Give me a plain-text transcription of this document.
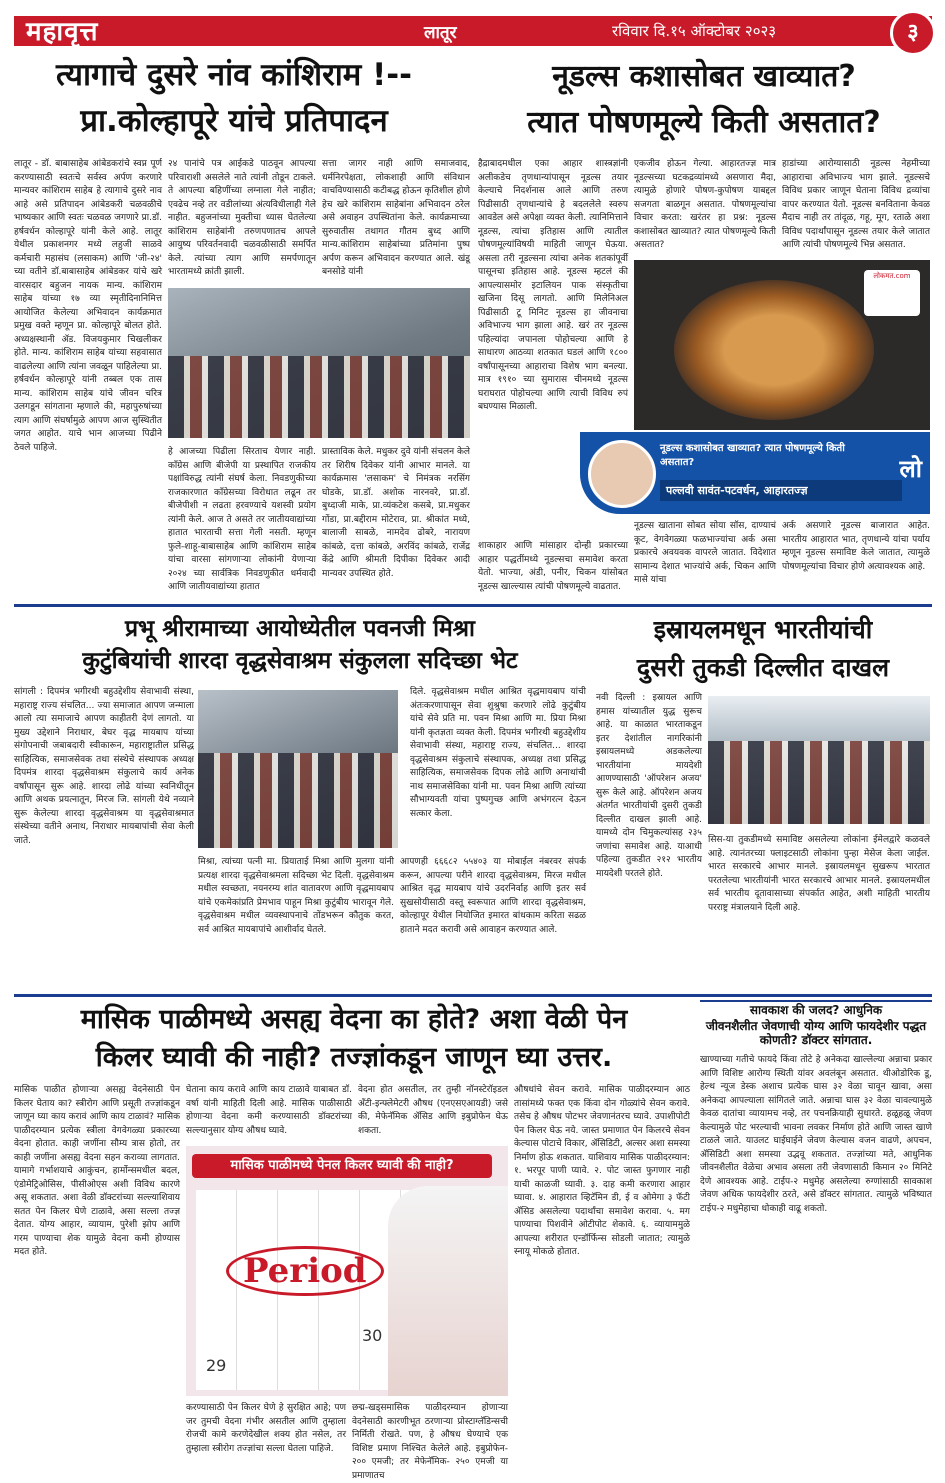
महावृत्त	लातूर	रविवार दि.१५ ऑक्टोबर २०२३	३
त्यागाचे दुसरे नांव कांशिराम !--
प्रा.कोल्हापूरे यांचे प्रतिपादन
लातूर - डॉ. बाबासाहेब आंबेडकरांचे स्वप्न पूर्ण करण्यासाठी स्वतःचे सर्वस्व अर्पण करणारे मान्यवर कांशिराम साहेब हे त्यागाचे दुसरे नाव आहे असे प्रतिपादन आंबेडकरी चळवळीचे भाष्यकार आणि स्वतः चळवळ जगणारे प्रा.डॉ. हर्षवर्धन कोल्हापूरे यांनी केले आहे. लातूर येथील प्रकाशनगर मध्ये लहुजी साळवे कर्मचारी महासंघ (लसाकम) आणि 'जी-२४' च्या वतीने डॉ.बाबासाहेब आंबेडकर यांचे खरे वारसदार बहुजन नायक मान्य. कांशिराम साहेब यांच्या १७ व्या स्मृतीदिनानिमित्त आयोजित केलेल्या अभिवादन कार्यक्रमात प्रमुख वक्ते म्हणून प्रा. कोल्हापूरे बोलत होते. अध्यक्षस्थानी ॲड. विजयकुमार चिखलीकर होते. मान्य. कांशिराम साहेब यांच्या सहवासात वाढलेल्या आणि त्यांना जवळून पाहिलेल्या प्रा. हर्षवर्धन कोल्हापूरे यांनी तब्बल एक तास मान्य. कांशिराम साहेब यांचे जीवन चरित्र उलगडून सांगताना म्हणाले की, महापुरुषांच्या त्याग आणि संघर्षामुळे आपण आज सुस्थितीत जगत आहोत. याचे भान आजच्या पिढीने ठेवले पाहिजे.
२४ पानांचे पत्र आईकडे पाठवून आपल्या परिवाराशी असलेले नाते त्यांनी तोडून टाकले. ते आपल्या बहिणींच्या लग्नाला गेले नाहीत; एवढेच नव्हे तर वडीलांच्या अंत्यविधीलाही गेले नाहीत. बहुजनांच्या मुक्तीचा ध्यास घेतलेल्या कांशिराम साहेबांनी तरुणपणातच आपले आयुष्य परिवर्तनवादी चळवळीसाठी समर्पित केले. त्यांच्या त्याग आणि समर्पणातून भारतामध्ये क्रांती झाली.
सत्ता जागर नाही आणि समाजवाद, धर्मनिरपेक्षता, लोकशाही आणि संविधान वाचविण्यासाठी कटीबद्ध होऊन कृतिशील होणे हेच खरे कांशिराम साहेबांना अभिवादन ठरेल असे अवाहन उपस्थितांना केले. कार्यक्रमाच्या सुरुवातीस तथागत गौतम बुध्द आणि मान्य.कांशिराम साहेबांच्या प्रतिमांना पुष्प अर्पण करून अभिवादन करण्यात आले. खंडू बनसोडे यांनी
हे आजच्या पिढीला सिरताच येणार नाही. काँग्रेस आणि बीजेपी या प्रस्थापित राजकीय पक्षांविरुद्ध त्यांनी संघर्ष केला. निवडणुकीच्या राजकारणात काँग्रेसच्या विरोधात लढून तर बीजेपीशी न लढता हरवण्याचे यशस्वी प्रयोग त्यांनी केले. आज ते असते तर जातीयवाद्यांच्या हातात भारताची सत्ता गेली नसती. म्हणून फुले-शाहू-बाबासाहेब आणि कांशिराम साहेब यांचा वारसा सांगणाऱ्या लोकांनी येणाऱ्या २०२४ च्या सार्वत्रिक निवडणुकीत धर्मवादी आणि जातीयवाद्यांच्या हातात
प्रास्ताविक केले. मधुकर दुवे यांनी संचलन केले तर शिरीष दिवेकर यांनी आभार मानले. या कार्यक्रमास 'लसाकम' चे निमंत्रक नरसिंग घोडके, प्रा.डॉ. अशोक नारनवरे, प्रा.डॉ. बुध्दाजी माके, प्रा.व्यंकटेश कसबे, प्रा.मधुकर गोंडा, प्रा.बद्दीराम मोटेराव, प्रा. श्रीकांत मध्ये, बालाजी साबळे, नामदेव ढोबरे, नारायण कांबळे, दत्ता कांबळे, अरविंद कांबळे, राजेंद्र केंद्रे आणि श्रीमती दिपीका दिवेकर आदी मान्यवर उपस्थित होते.
नूडल्स कशासोबत खाव्यात?
त्यात पोषणमूल्ये किती असतात?
हैद्राबादमधील एका आहार शास्त्रज्ञांनी अलीकडेच तृणधान्यांपासून नूडल्स तयार केल्याचे निदर्शनास आले आणि तरुण पिढीसाठी तृणधान्यांचे हे बदललेले स्वरुप आवडेल असे अपेक्षा व्यक्त केली. त्यानिमित्ताने नूडल्स, त्यांचा इतिहास आणि त्यातील पोषणमूल्यांविषयी माहिती जाणून घेऊया. असला तरी नूडल्सना त्यांचा अनेक शतकांपूर्वी पासूनचा इतिहास आहे. नूडल्स म्हटलं की आपल्यासमोर इटालियन पाक संस्कृतीचा खजिना दिसू लागतो. आणि मिलेनिअल पिढीसाठी टू मिनिट नूडल्स हा जीवनाचा अविभाज्य भाग झाला आहे. खरं तर नूडल्स पहिल्यांदा जपानला पोहोचल्या आणि हे साधारण आठव्या शतकात घडलं आणि १८०० वर्षांपासूनच्या आहाराचा विशेष भाग बनल्या. मात्र १९१० च्या सुमारास चीनमध्ये नूडल्स घराघरात पोहोचल्या आणि त्याची विविध रुपं बघण्यास मिळाली.
एकजीव होऊन गेल्या. आहारतज्ज्ञ मात्र नूडल्सच्या घटकद्रव्यांमध्ये असणारा मैदा, त्यामुळे होणारे पोषण-कुपोषण याबद्दल सजगता बाळगून असतात. पोषणमूल्यांचा विचार करता: खरंतर हा प्रश्न: नूडल्स कशासोबत खाव्यात? त्यात पोषणमूल्ये किती असतात?
हाडांच्या आरोग्यासाठी नूडल्स नेहमीच्या आहाराचा अविभाज्य भाग झाले. नूडल्सचे विविध प्रकार जाणून घेताना विविध द्रव्यांचा वापर करण्यात येतो. नूडल्स बनविताना केवळ मैदाच नाही तर तांदूळ, गहू, मूग, रताळे अशा विविध पदार्थांपासून नूडल्स तयार केले जातात आणि त्यांची पोषणमूल्ये भिन्न असतात.
लोकमत.com
नूडल्स कशासोबत खाव्यात? त्यात पोषणमूल्ये किती असतात?
पल्लवी सावंत-पटवर्धन, आहारतज्ज्ञ
लो
शाकाहार आणि मांसाहार दोन्ही प्रकारच्या आहार पद्धतींमध्ये नूडल्सचा समावेश करता येतो. भाज्या, अंडी, पनीर, चिकन यांसोबत नूडल्स खाल्ल्यास त्यांची पोषणमूल्ये वाढतात.
नूडल्स खाताना सोबत सोया सॉस, दाण्याचं कूट, वेगवेगळ्या फळभाज्यांचा अर्क असा प्रकारचे अवयवक वापरले जातात. विदेशात सामान्य देशात भाज्यांचे अर्क, चिकन आणि मासे यांचा
अर्क असणारे नूडल्स बाजारात आहेत. भारतीय आहारात भात, तृणधान्ये यांचा पर्याय म्हणून नूडल्स समाविष्ट केले जातात, त्यामुळे पोषणमूल्यांचा विचार होणे अत्यावश्यक आहे.
प्रभू श्रीरामाच्या आयोध्येतील पवनजी मिश्रा
कुटुंबियांची शारदा वृद्धसेवाश्रम संकुलला सदिच्छा भेट
सांगली : दिपमंत्र भगीरथी बहुउद्देशीय सेवाभावी संस्था, महाराष्ट्र राज्य संचलित... ज्या समाजात आपण जन्माला आलो त्या समाजाचे आपण काहीतरी देणं लागतो. या मुख्य उद्देशाने निराधार, बेघर वृद्ध मायबाप यांच्या संगोपनाची जबाबदारी स्वीकारून, महाराष्ट्रातील प्रसिद्ध साहित्यिक, समाजसेवक तथा संस्थेचे संस्थापक अध्यक्ष दिपमंत्र शारदा वृद्धसेवाश्रम संकुलाचे कार्य अनेक वर्षांपासून सुरू आहे. शारदा लोढे यांच्या स्वनिधीतून आणि अथक प्रयत्नातून, मिरज जि. सांगली येथे नव्याने सुरू केलेल्या शारदा वृद्धसेवाश्रम या वृद्धसेवाश्रमात संस्थेच्या वतीने अनाथ, निराधार मायबापांची सेवा केली जाते.
दिले. वृद्धसेवाश्रम मधील आश्रित वृद्धमायबाप यांची अंतःकरणापासून सेवा शुश्रुषा करणारे लोढे कुटुंबीय यांचे सेवे प्रति मा. पवन मिश्रा आणि मा. प्रिया मिश्रा यांनी कृतज्ञता व्यक्त केली. दिपमंत्र भगीरथी बहुउद्देशीय सेवाभावी संस्था, महाराष्ट्र राज्य, संचलित... शारदा वृद्धसेवाश्रम संकुलाचे संस्थापक, अध्यक्ष तथा प्रसिद्ध साहित्यिक, समाजसेवक दिपक लोढे आणि अनाथांची नाथ समाजसेविका यांनी मा. पवन मिश्रा आणि त्यांच्या सौभाग्यवती यांचा पुष्पगुच्छ आणि अभंगरत्न देऊन सत्कार केला.
मिश्रा, त्यांच्या पत्नी मा. प्रियाताई मिश्रा आणि मुलगा यांनी प्रत्यक्ष शारदा वृद्धसेवाश्रमला सदिच्छा भेट दिली. वृद्धसेवाश्रम मधील स्वच्छता, नयनरम्य शांत वातावरण आणि वृद्धमायबाप यांचे एकमेकांप्रति प्रेमभाव पाहून मिश्रा कुटुंबीय भारावून गेले. वृद्धसेवाश्रम मधील व्यवस्थापनाचे तोंडभरून कौतुक करत, सर्व आश्रित मायबापांचे आशीर्वाद घेतले.
आपणही ६६६८२ ५५४०३ या मोबाईल नंबरवर संपर्क करून, आपल्या परीने शारदा वृद्धसेवाश्रम, मिरज मधील आश्रित वृद्ध मायबाप यांचे उदरनिर्वाह आणि इतर सर्व सुखसोयीसाठी वस्तू स्वरूपात आणि शारदा वृद्धसेवाश्रम, कोल्हापूर येथील नियोजित इमारत बांधकाम करिता सढळ हाताने मदत करावी असे आवाहन करण्यात आले.
इस्रायलमधून भारतीयांची
दुसरी तुकडी दिल्लीत दाखल
नवी दिल्ली : इस्रायल आणि हमास यांच्यातील युद्ध सुरूच आहे. या काळात भारताकडून इतर देशांतील नागरिकांनी इस्रायलमध्ये अडकलेल्या भारतीयांना मायदेशी आणण्यासाठी 'ऑपरेशन अजय' सुरू केले आहे. ऑपरेशन अजय अंतर्गत भारतीयांची दुसरी तुकडी दिल्लीत दाखल झाली आहे. यामध्ये दोन चिमुकल्यांसह २३५ जणांचा समावेश आहे. याआधी पहिल्या तुकडीत २१२ भारतीय मायदेशी परतले होते.
सिस-या तुकडीमध्ये समाविष्ट असलेल्या लोकांना ईमेलद्वारे कळवले आहे. त्यानंतरच्या फ्लाइटसाठी लोकांना पुन्हा मेसेज केला जाईल. भारत सरकारचे आभार मानले. इस्रायलमधून सुखरूप भारतात परतलेल्या भारतीयांनी भारत सरकारचे आभार मानले. इस्रायलमधील सर्व भारतीय दूतावासाच्या संपर्कात आहेत, अशी माहिती भारतीय परराष्ट्र मंत्रालयाने दिली आहे.
मासिक पाळीमध्ये असह्य वेदना का होते? अशा वेळी पेन
किलर घ्यावी की नाही? तज्ज्ञांकडून जाणून घ्या उत्तर.
मासिक पाळीत होणाऱ्या असह्य वेदनेसाठी पेन किलर घेताय का? स्त्रीरोग आणि प्रसूती तज्ज्ञांकडून जाणून घ्या काय करावं आणि काय टाळावं? मासिक पाळीदरम्यान प्रत्येक स्त्रीला वेगवेगळ्या प्रकारच्या वेदना होतात. काही जणींना सौम्य त्रास होतो, तर काही जणींना असह्य वेदना सहन कराव्या लागतात. यामागे गर्भाशयाचे आकुंचन, हार्मोन्समधील बदल, एंडोमेट्रिओसिस, पीसीओएस अशी विविध कारणे असू शकतात. अशा वेळी डॉक्टरांच्या सल्ल्याशिवाय सतत पेन किलर घेणे टाळावे, असा सल्ला तज्ज्ञ देतात. योग्य आहार, व्यायाम, पुरेशी झोप आणि गरम पाण्याचा शेक यामुळे वेदना कमी होण्यास मदत होते.
घेताना काय करावे आणि काय टाळावे याबाबत डॉ. वर्षा यांनी माहिती दिली आहे. मासिक पाळीसाठी होणाऱ्या वेदना कमी करण्यासाठी डॉक्टरांच्या सल्ल्यानुसार योग्य औषध घ्यावे.
वेदना होत असतील, तर तुम्ही नॉनस्टेरॉइडल अँटी-इन्फ्लेमेटरी औषध (एनएसएआयडी) जसे की, मेफेनॅमिक ॲसिड आणि इबुप्रोफेन घेऊ शकता.
औषधांचे सेवन करावे. मासिक पाळीदरम्यान आठ तासांमध्ये फक्त एक किंवा दोन गोळ्यांचे सेवन करावे. तसेच हे औषध पोटभर जेवणानंतरच घ्यावे. उपाशीपोटी पेन किलर घेऊ नये. जास्त प्रमाणात पेन किलरचे सेवन केल्यास पोटाचे विकार, ॲसिडिटी, अल्सर अशा समस्या निर्माण होऊ शकतात. याशिवाय मासिक पाळीदरम्यान: १. भरपूर पाणी प्यावे. २. पोट जास्त फुगणार नाही याची काळजी घ्यावी. ३. दाह कमी करणारा आहार घ्यावा. ४. आहारात व्हिटॅमिन डी, ई व ओमेगा ३ फॅटी ॲसिड असलेल्या पदार्थांचा समावेश करावा. ५. मग पाण्याचा पिशवीने ओटीपोट शेकावे. ६. व्यायाममुळे आपल्या शरीरात एन्डॉर्फिन्स सोडली जातात; त्यामुळे स्नायू मोकळे होतात.
मासिक पाळीमध्ये पेनल किलर घ्यावी की नाही?
Period
29
30
करण्यासाठी पेन किलर घेणे हे सुरक्षित आहे; पण जर तुमची वेदना गंभीर असतील आणि तुम्हाला रोजची कामे करणेदेखील शक्य होत नसेल, तर तुम्हाला स्त्रीरोग तज्ज्ञांचा सल्ला घेतला पाहिजे.
छद्म-खड्समासिक पाळीदरम्यान होणाऱ्या वेदनेसाठी कारणीभूत ठरणाऱ्या प्रोस्टाग्लॅडिन्सची निर्मिती रोखते. पण, हे औषध घेण्याचे एक विशिष्ट प्रमाण निश्चित केलेले आहे. इबुप्रोफेन- २०० एमजी; तर मेफेनॅमिक- २५० एमजी या प्रमाणातच
सावकाश की जलद? आधुनिक
जीवनशैलीत जेवणाची योग्य आणि फायदेशीर पद्धत कोणती? डॉक्टर सांगतात.
खाण्याच्या गतीचे फायदे किंवा तोटे हे अनेकदा खाल्लेल्या अन्नाचा प्रकार आणि विशिष्ट आरोग्य स्थिती यांवर अवलंबून असतात. थीओडोरिक डू, हेल्थ न्यूज डेस्क अशाच प्रत्येक घास ३२ वेळा चावून खावा, असा अनेकदा आपल्याला सांगितले जाते. अन्नाचा घास ३२ वेळा चावल्यामुळे केवळ दातांचा व्यायामच नव्हे, तर पचनक्रियाही सुधारते. हळूहळू जेवण केल्यामुळे पोट भरल्याची भावना लवकर निर्माण होते आणि जास्त खाणे टाळले जाते. याउलट घाईघाईने जेवण केल्यास वजन वाढणे, अपचन, ॲसिडिटी अशा समस्या उद्भवू शकतात. तज्ज्ञांच्या मते, आधुनिक जीवनशैलीत वेळेचा अभाव असला तरी जेवणासाठी किमान २० मिनिटे देणे आवश्यक आहे. टाईप-२ मधुमेह असलेल्या रुग्णांसाठी सावकाश जेवण अधिक फायदेशीर ठरते, असे डॉक्टर सांगतात. त्यामुळे भविष्यात टाईप-२ मधुमेहाचा धोकाही वाढू शकतो.
